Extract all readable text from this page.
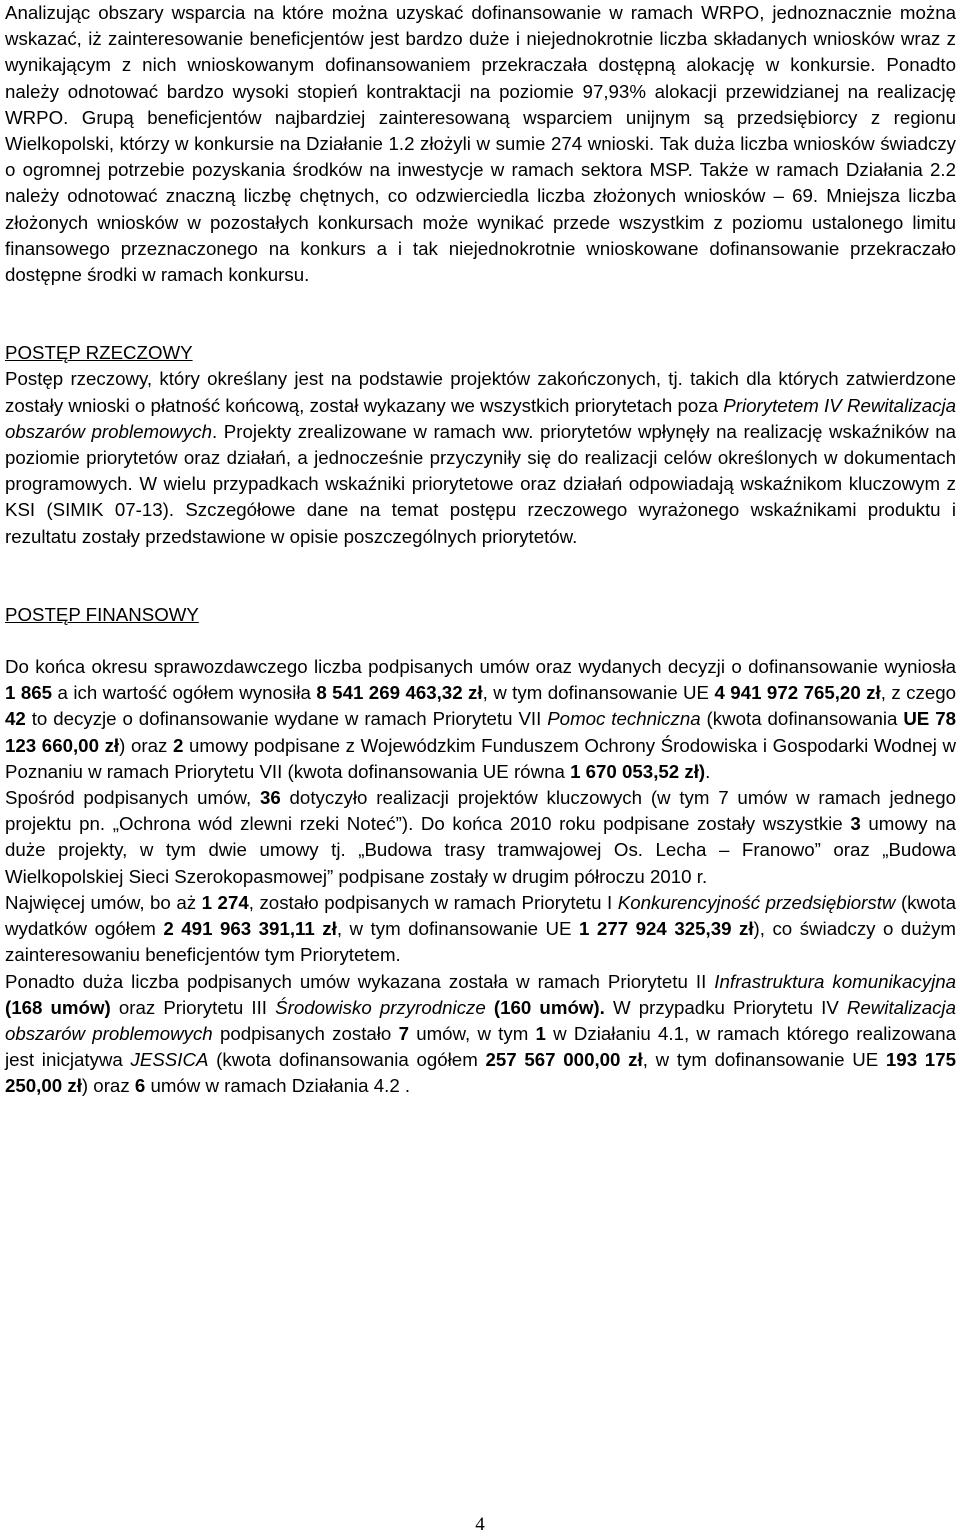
Analizując obszary wsparcia na które można uzyskać dofinansowanie w ramach WRPO, jednoznacznie można wskazać, iż zainteresowanie beneficjentów jest bardzo duże i niejednokrotnie liczba składanych wniosków wraz z wynikającym z nich wnioskowanym dofinansowaniem przekraczała dostępną alokację w konkursie. Ponadto należy odnotować bardzo wysoki stopień kontraktacji na poziomie 97,93% alokacji przewidzianej na realizację WRPO. Grupą beneficjentów najbardziej zainteresowaną wsparciem unijnym są przedsiębiorcy z regionu Wielkopolski, którzy w konkursie na Działanie 1.2 złożyli w sumie 274 wnioski. Tak duża liczba wniosków świadczy o ogromnej potrzebie pozyskania środków na inwestycje w ramach sektora MSP. Także w ramach Działania 2.2 należy odnotować znaczną liczbę chętnych, co odzwierciedla liczba złożonych wniosków – 69. Mniejsza liczba złożonych wniosków w pozostałych konkursach może wynikać przede wszystkim z poziomu ustalonego limitu finansowego przeznaczonego na konkurs a i tak niejednokrotnie wnioskowane dofinansowanie przekraczało dostępne środki w ramach konkursu.

POSTĘP RZECZOWY

Postęp rzeczowy, który określany jest na podstawie projektów zakończonych, tj. takich dla których zatwierdzone zostały wnioski o płatność końcową, został wykazany we wszystkich priorytetach poza Priorytetem IV Rewitalizacja obszarów problemowych. Projekty zrealizowane w ramach ww. priorytetów wpłynęły na realizację wskaźników na poziomie priorytetów oraz działań, a jednocześnie przyczyniły się do realizacji celów określonych w dokumentach programowych. W wielu przypadkach wskaźniki priorytetowe oraz działań odpowiadają wskaźnikom kluczowym z KSI (SIMIK 07-13). Szczegółowe dane na temat postępu rzeczowego wyrażonego wskaźnikami produktu i rezultatu zostały przedstawione w opisie poszczególnych priorytetów.

POSTĘP FINANSOWY

Do końca okresu sprawozdawczego liczba podpisanych umów oraz wydanych decyzji o dofinansowanie wyniosła 1 865 a ich wartość ogółem wynosiła 8 541 269 463,32 zł, w tym dofinansowanie UE 4 941 972 765,20 zł, z czego 42 to decyzje o dofinansowanie wydane w ramach Priorytetu VII Pomoc techniczna (kwota dofinansowania UE 78 123 660,00 zł) oraz 2 umowy podpisane z Wojewódzkim Funduszem Ochrony Środowiska i Gospodarki Wodnej w Poznaniu w ramach Priorytetu VII (kwota dofinansowania UE równa 1 670 053,52 zł).

Spośród podpisanych umów, 36 dotyczyło realizacji projektów kluczowych (w tym 7 umów w ramach jednego projektu pn. „Ochrona wód zlewni rzeki Noteć”). Do końca 2010 roku podpisane zostały wszystkie 3 umowy na duże projekty, w tym dwie umowy tj. „Budowa trasy tramwajowej Os. Lecha – Franowo” oraz „Budowa Wielkopolskiej Sieci Szerokopasmowej” podpisane zostały w drugim półroczu 2010 r.

Najwięcej umów, bo aż 1 274, zostało podpisanych w ramach Priorytetu I Konkurencyjność przedsiębiorstw (kwota wydatków ogółem 2 491 963 391,11 zł, w tym dofinansowanie UE 1 277 924 325,39 zł), co świadczy o dużym zainteresowaniu beneficjentów tym Priorytetem.

Ponadto duża liczba podpisanych umów wykazana została w ramach Priorytetu II Infrastruktura komunikacyjna (168 umów) oraz Priorytetu III Środowisko przyrodnicze (160 umów). W przypadku Priorytetu IV Rewitalizacja obszarów problemowych podpisanych zostało 7 umów, w tym 1 w Działaniu 4.1, w ramach którego realizowana jest inicjatywa JESSICA (kwota dofinansowania ogółem 257 567 000,00 zł, w tym dofinansowanie UE 193 175 250,00 zł) oraz 6 umów w ramach Działania 4.2 .

4
